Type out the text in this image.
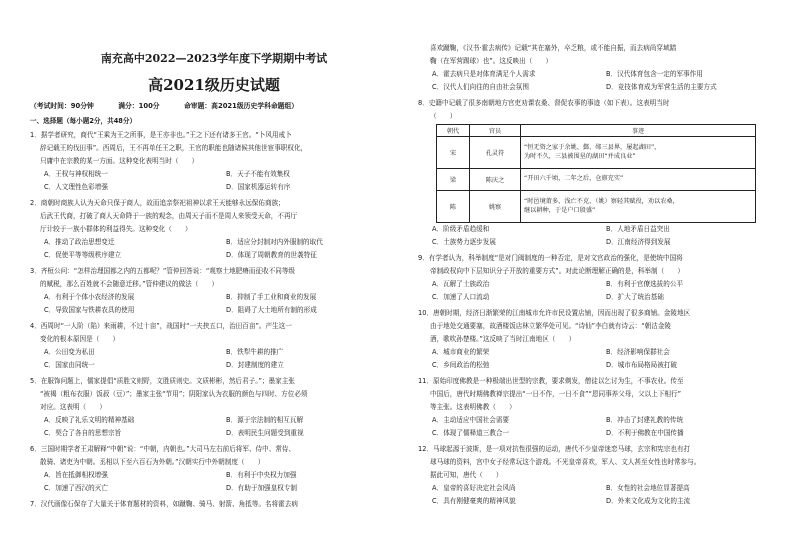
南充高中2022—2023学年度下学期期中考试
高2021级历史试题
（考试时间：90分钟	满分：100分	命审题：高2021级历史学科命题组）
一、选择题（每小题2分，共48分）
1．据学者研究，商代“王乘为王之所事，是王亦非也。”王之下还有诸多王官。“卜风用戒卜
辞记载王的伐田事”。西周后，王不再单任王之职，王官的职能也随诸候其他世宦事职权化，
只庸中在宗教的某一方面。这种变化表明当时（　　）
A．王权与神权相统一	B．天子不能有效集权
C．人文理性色彩增强	D．国家机器运转有序
2．商朝时商族人认为天命只保于商人，故而追亲祭祀祖神以求王天能够永远保佑商族；
后武王代商，打破了商人天命降于一族的观念，由周天子而不是周人来领受天命，不再厅
厅计较于一族小群体的利益得失。这种变化（　　）
A．推动了政治思想变迁	B．适应分封制对内外服制的取代
C．促使平等等级秩序建立	D．体现了周朝教育的世袭特征
3．齐桓公问：“怎样治理国都之内的五都呢？”管仲回答说：“观察土地肥瘠而征收不同等级
的赋税，那么百姓就不会随意迁移。”管仲建议的做法（　　）
A．有利于个体小农经济的发展	B．抑制了手工业和商业的发展
C．导致国家与铁耕农具的使用	D．阻碍了大土地所有制的形成
4．西周时“一人阶（陷）来雨耕，不过十亩”，战国时“一夫挟五口，治田百亩”。产生这一
变化的根本原因是（　　）
A．公田变为私田	B．铁犁牛耕的推广
C．国家由同统一	D．封建制度的建立
5．在服饰问题上，儒家提倡“质胜文则野，文胜质则史。文质彬彬，然后君子。”；墨家主张
“被褐（粗布衣服）饭菽（豆）”；墨家主张“节用”；阴阳家认为衣服的颜色与四时、方位必须
对应。这表明（　　）
A．反映了礼乐文明的精神基础	B．源于宗法制的相互瓦解
C．契合了各自的思想宗旨	D．表明民生问题受到重视
6．三国时期学者王肃解释“中朝”说：“中朝，内朝也。”大司马左右前后将军、侍中、常侍、
散骑、诸吏为中朝。丞相以下至六百石为外朝。”汉朝实行中外朝制度（　　）
A．旨在抵御相权增强	B．有利于中央权力加强
C．加速了西汉的灭亡	D．有助于加强皇权专制
7．汉代画像石保存了大量关于体育题材的资料，如蹴鞠、骑马、射箭、角抵等。名将霍去病
喜欢蹴鞠，《汉书·霍去病传》记载“其在塞外，卒乏粮，或不能自振，而去病尚穿域踏
鞠（在军营踢球）也”。这反映出（　　）
A．霍去病只是对体育满足个人需求	B．汉代体育包含一定的军事作用
C．汉代人们向往的自由社会氛围	D．竞技体育成为军营生活的主要方式
8．史籍中记载了很多南朝地方官吏劝课农桑、督促农事的事迹（如下表）。这表明当时
（　　）
朝代	官员	事迹
宋	孔灵符	“恒无资之家于余姚、鄞、郧三县界，屡起湖田”，
为时不久，三县被围垦的湖田“并成良业”

梁	陈庆之	“开田六千顷，二年之后，仓廪充实”

陈	姚察	“时邑境莆多，浅亡不克，（姚）察轻其赋役，劝以农桑，
继以耕种，于是户口殷盛”
A．阶级矛盾趋缓和	B．人地矛盾日益突出
C．土族势力逐步发展	D．江南经济得到发展
9．有学者认为，科举制度“是对门阀制度的一种否定，是对文官政治的强化，是使统中国将
帝制政权向中下层知识分子开放的重要方式”。对此论断理解正确的是，科举制（　　）
A．瓦解了士族政治	B．有利于官僚选拔的公平
C．加速了人口流动	D．扩大了统治基础
10．唐朝时期，经济日渐繁荣的江南城市允许市民设置店铺，因而出现了很多商铺。金陵地区
由于地处交通要塞，故酒楼饭店林立繁华处可见。“诗仙”李白就有诗云：“朝沽金陵
酒，歌吹孙楚楼。”这反映了当时江南地区（　　）
A．城市商业的繁荣	B．经济影响保群社会
C．乡间政治的松弛	D．城市布局格局被打破
11．原始印度佛教是一种极端出世型的宗教，要求剃发，僧徒以乞讨为生，不事农业。传至
中国后，唐代时期佛教禅宗提出“一日不作，一日不食”“恩同事养父母，父以上下相行”
等主张。这表明佛教（　　）
A．主动适应中国社会需要	B．冲击了封建礼教的传统
C．体现了儒释道三教合一	D．不利于佛教在中国传播
12．马球起源于波斯，是一项对抗性很强的运动，唐代不少皇帝迷恋马球，玄宗和宪宗也有打
球马球的资料，宫中女子经常玩这个游戏。不光皇帝喜欢，军人、文人甚至女性也时常参与。
据此可知，唐代（　　）
A．皇帝的喜好决定社会风尚	B．女性的社会地位显著提高
C．具有刚健豪爽的精神风貌	D．外来文化成为文化的主流
